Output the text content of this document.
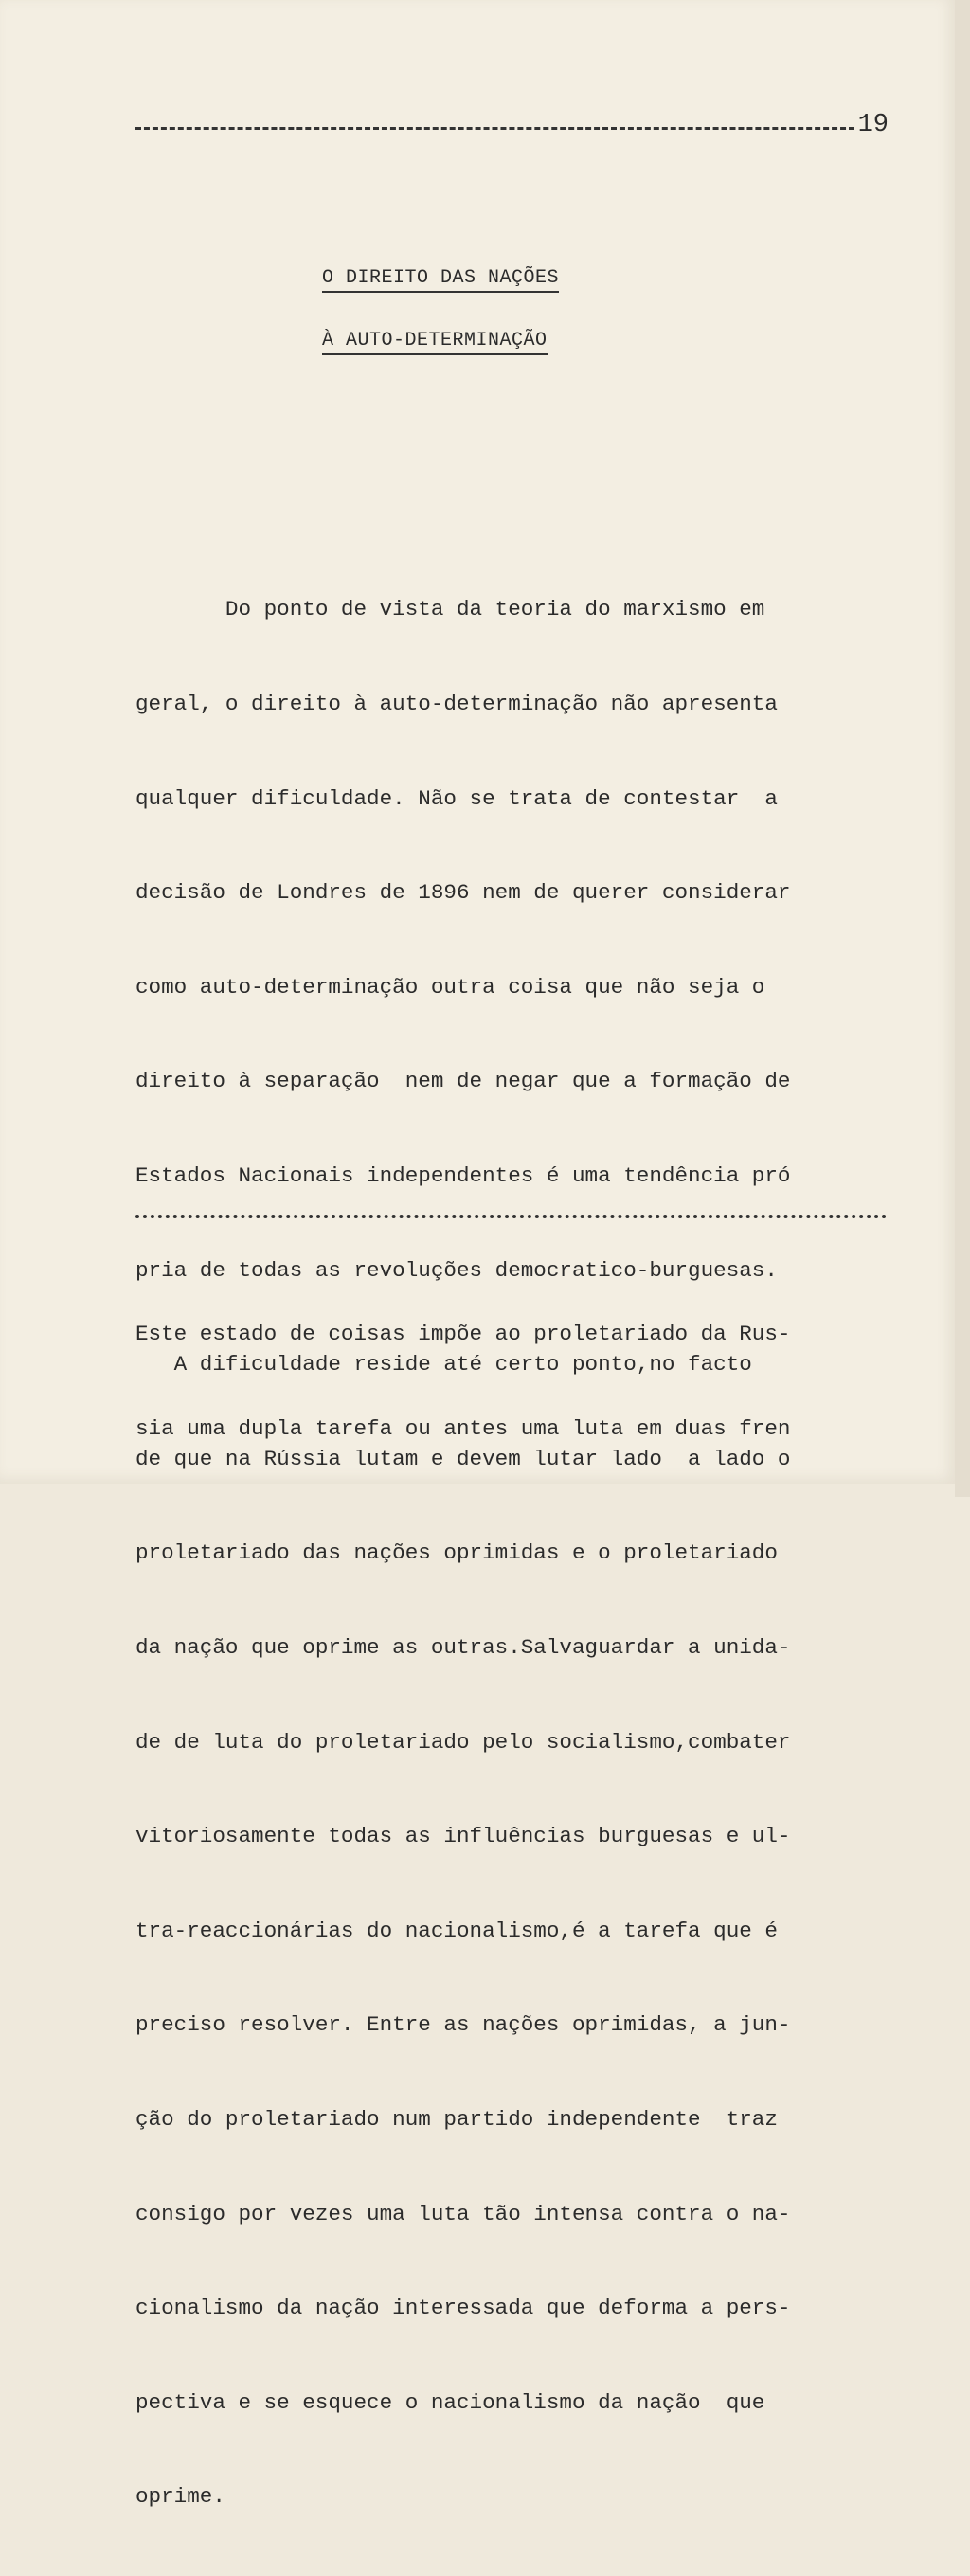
19
O DIREITO DAS NAÇÕES
À AUTO-DETERMINAÇÃO

Do ponto de vista da teoria do marxismo em

geral, o direito à auto-determinação não apresenta

qualquer dificuldade. Não se trata de contestar  a

decisão de Londres de 1896 nem de querer considerar

como auto-determinação outra coisa que não seja o

direito à separação  nem de negar que a formação de

Estados Nacionais independentes é uma tendência pró

pria de todas as revoluções democratico-burguesas.

A dificuldade reside até certo ponto,no facto

de que na Rússia lutam e devem lutar lado  a lado o

proletariado das nações oprimidas e o proletariado

da nação que oprime as outras.Salvaguardar a unida-

de de luta do proletariado pelo socialismo,combater

vitoriosamente todas as influências burguesas e ul-

tra-reaccionárias do nacionalismo,é a tarefa que é

preciso resolver. Entre as nações oprimidas, a jun-

ção do proletariado num partido independente  traz

consigo por vezes uma luta tão intensa contra o na-

cionalismo da nação interessada que deforma a pers-

pectiva e se esquece o nacionalismo da nação  que

oprime.

Este estado de coisas impõe ao proletariado da Rus-

sia uma dupla tarefa ou antes uma luta em duas fren
